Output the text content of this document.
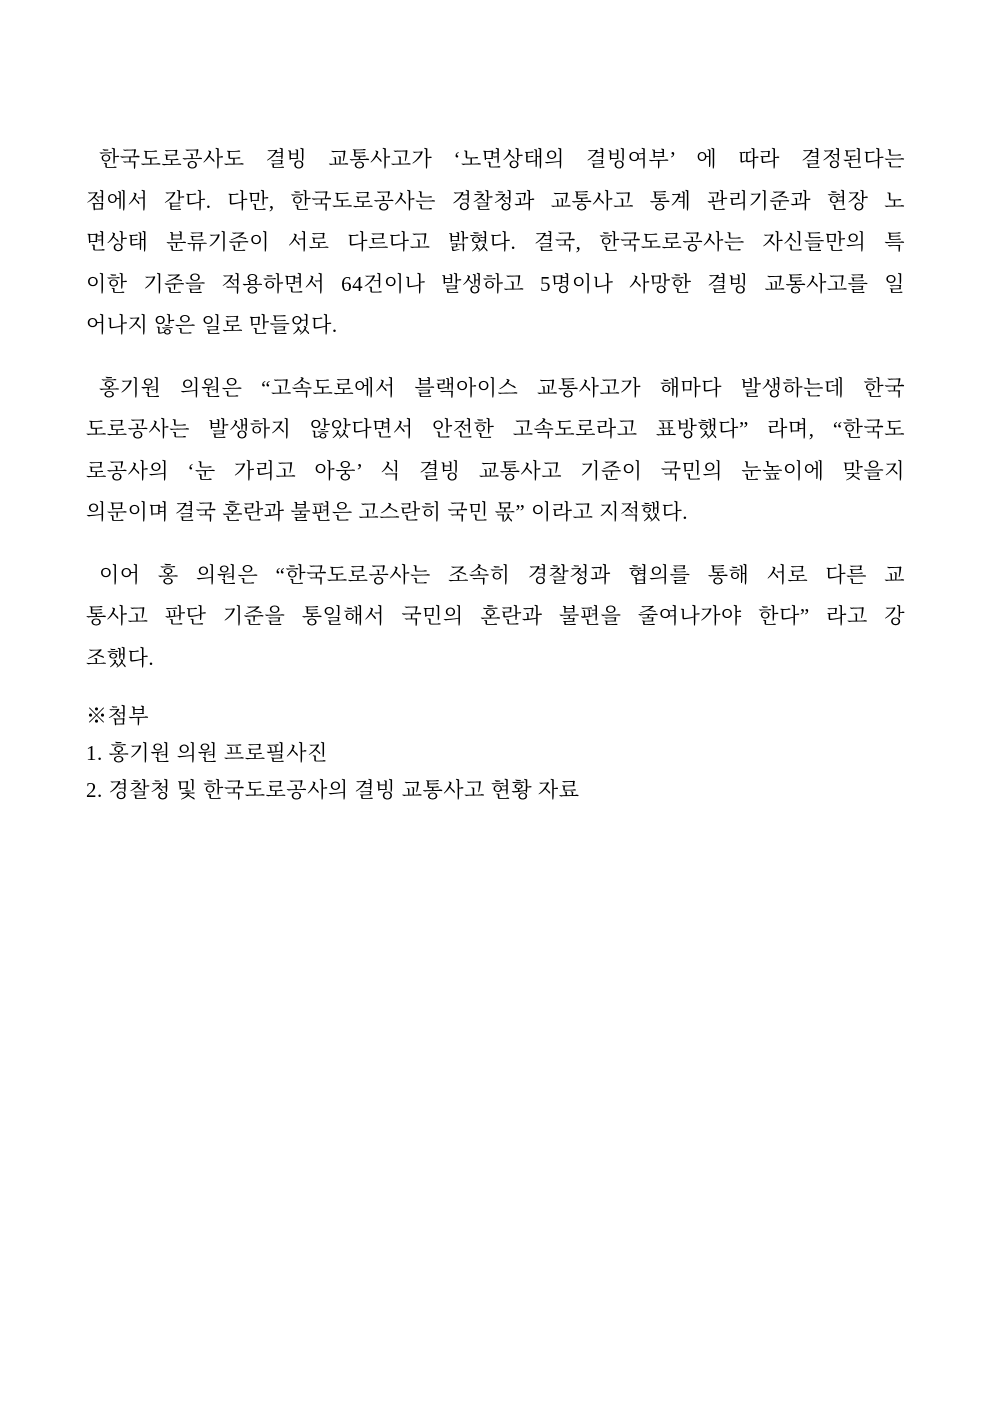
한국도로공사도 결빙 교통사고가 ‘노면상태의 결빙여부’ 에 따라 결정된다는
점에서 같다. 다만, 한국도로공사는 경찰청과 교통사고 통계 관리기준과 현장 노
면상태 분류기준이 서로 다르다고 밝혔다. 결국, 한국도로공사는 자신들만의 특
이한 기준을 적용하면서 64건이나 발생하고 5명이나 사망한 결빙 교통사고를 일
어나지 않은 일로 만들었다.
홍기원 의원은 “고속도로에서 블랙아이스 교통사고가 해마다 발생하는데 한국
도로공사는 발생하지 않았다면서 안전한 고속도로라고 표방했다” 라며, “한국도
로공사의 ‘눈 가리고 아웅’ 식 결빙 교통사고 기준이 국민의 눈높이에 맞을지
의문이며 결국 혼란과 불편은 고스란히 국민 몫” 이라고 지적했다.
이어 홍 의원은 “한국도로공사는 조속히 경찰청과 협의를 통해 서로 다른 교
통사고 판단 기준을 통일해서 국민의 혼란과 불편을 줄여나가야 한다” 라고 강
조했다.
※첨부
1. 홍기원 의원 프로필사진
2. 경찰청 및 한국도로공사의 결빙 교통사고 현황 자료
